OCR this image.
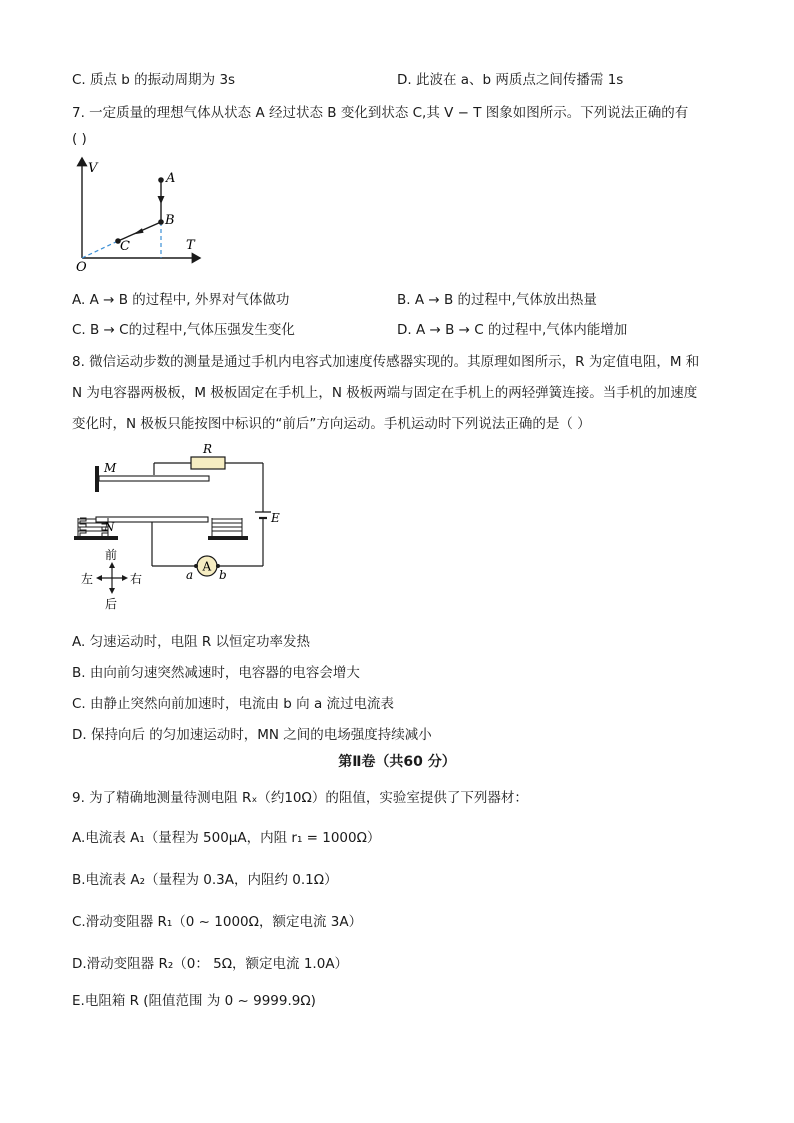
C. 质点 b 的振动周期为 3s	D. 此波在 a、b 两质点之间传播需 1s
7. 一定质量的理想气体从状态 A 经过状态 B 变化到状态 C,其 V − T 图象如图所示。下列说法正确的有
( )
V
T
O
A
B
C
A. A → B 的过程中, 外界对气体做功	B. A → B 的过程中,气体放出热量
C. B → C的过程中,气体压强发生变化	D. A → B → C 的过程中,气体内能增加
8. 微信运动步数的测量是通过手机内电容式加速度传感器实现的。其原理如图所示，R 为定值电阻，M 和
N 为电容器两极板，M 极板固定在手机上，N 极板两端与固定在手机上的两轻弹簧连接。当手机的加速度
变化时，N 极板只能按图中标识的“前后”方向运动。手机运动时下列说法正确的是（ ）
A
M
N
R
E
a b
前
后
左	右
A. 匀速运动时，电阻 R 以恒定功率发热
B. 由向前匀速突然减速时，电容器的电容会增大
C. 由静止突然向前加速时，电流由 b 向 a 流过电流表
D. 保持向后 的匀加速运动时，MN 之间的电场强度持续减小
第Ⅱ卷（共60 分）
9. 为了精确地测量待测电阻 Rₓ（约10Ω）的阻值，实验室提供了下列器材：
A.电流表 A₁（量程为 500μA，内阻 r₁ = 1000Ω）
B.电流表 A₂（量程为 0.3A，内阻约 0.1Ω）
C.滑动变阻器 R₁（0 ~ 1000Ω，额定电流 3A）
D.滑动变阻器 R₂（0： 5Ω，额定电流 1.0A）
E.电阻箱 R (阻值范围 为 0 ~ 9999.9Ω)
